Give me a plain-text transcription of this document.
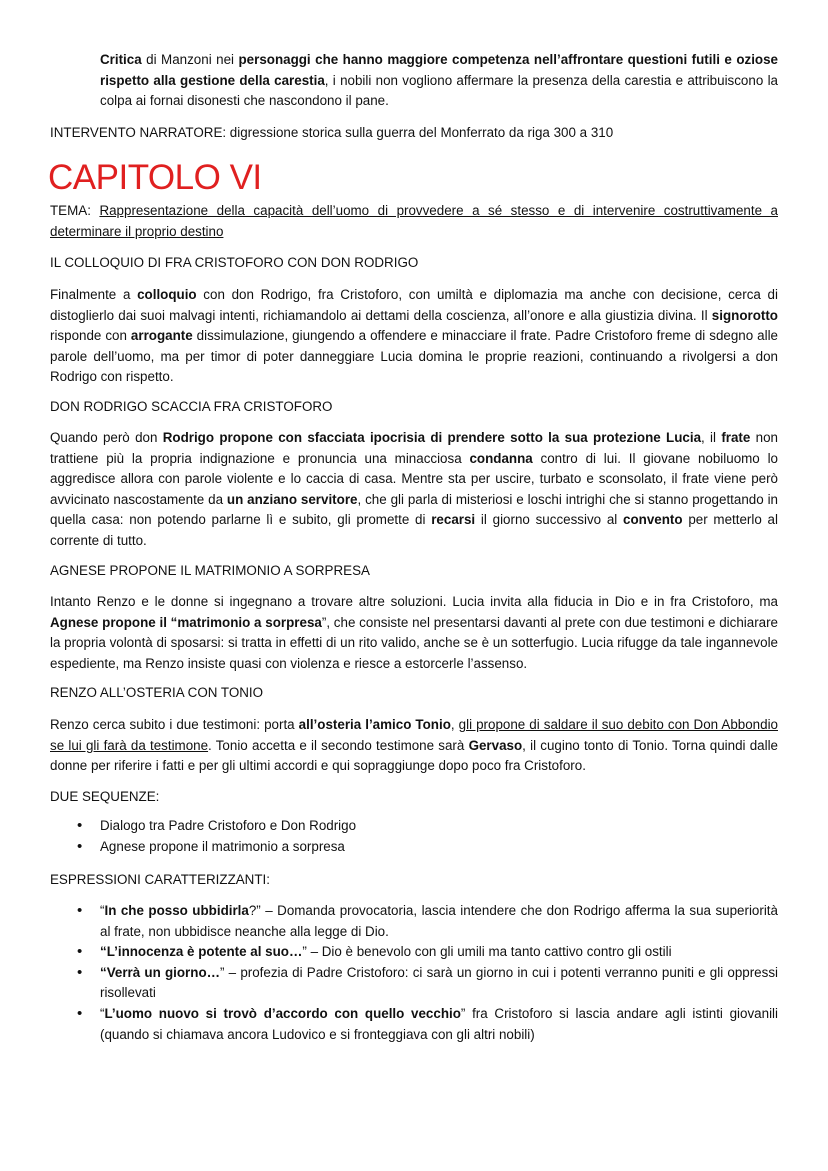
Critica di Manzoni nei personaggi che hanno maggiore competenza nell’affrontare questioni futili e oziose rispetto alla gestione della carestia, i nobili non vogliono affermare la presenza della carestia e attribuiscono la colpa ai fornai disonesti che nascondono il pane.

INTERVENTO NARRATORE: digressione storica sulla guerra del Monferrato da riga 300 a 310

CAPITOLO VI

TEMA: Rappresentazione della capacità dell’uomo di provvedere a sé stesso e di intervenire costruttivamente a determinare il proprio destino

IL COLLOQUIO DI FRA CRISTOFORO CON DON RODRIGO

Finalmente a colloquio con don Rodrigo, fra Cristoforo, con umiltà e diplomazia ma anche con decisione, cerca di distoglierlo dai suoi malvagi intenti, richiamandolo ai dettami della coscienza, all’onore e alla giustizia divina. Il signorotto risponde con arrogante dissimulazione, giungendo a offendere e minacciare il frate. Padre Cristoforo freme di sdegno alle parole dell’uomo, ma per timor di poter danneggiare Lucia domina le proprie reazioni, continuando a rivolgersi a don Rodrigo con rispetto.

DON RODRIGO SCACCIA FRA CRISTOFORO

Quando però don Rodrigo propone con sfacciata ipocrisia di prendere sotto la sua protezione Lucia, il frate non trattiene più la propria indignazione e pronuncia una minacciosa condanna contro di lui. Il giovane nobiluomo lo aggredisce allora con parole violente e lo caccia di casa. Mentre sta per uscire, turbato e sconsolato, il frate viene però avvicinato nascostamente da un anziano servitore, che gli parla di misteriosi e loschi intrighi che si stanno progettando in quella casa: non potendo parlarne lì e subito, gli promette di recarsi il giorno successivo al convento per metterlo al corrente di tutto.

AGNESE PROPONE IL MATRIMONIO A SORPRESA

Intanto Renzo e le donne si ingegnano a trovare altre soluzioni. Lucia invita alla fiducia in Dio e in fra Cristoforo, ma Agnese propone il “matrimonio a sorpresa”, che consiste nel presentarsi davanti al prete con due testimoni e dichiarare la propria volontà di sposarsi: si tratta in effetti di un rito valido, anche se è un sotterfugio. Lucia rifugge da tale ingannevole espediente, ma Renzo insiste quasi con violenza e riesce a estorcerle l’assenso.

RENZO ALL’OSTERIA CON TONIO

Renzo cerca subito i due testimoni: porta all’osteria l’amico Tonio, gli propone di saldare il suo debito con Don Abbondio se lui gli farà da testimone. Tonio accetta e il secondo testimone sarà Gervaso, il cugino tonto di Tonio. Torna quindi dalle donne per riferire i fatti e per gli ultimi accordi e qui sopraggiunge dopo poco fra Cristoforo.

DUE SEQUENZE:

• Dialogo tra Padre Cristoforo e Don Rodrigo
• Agnese propone il matrimonio a sorpresa

ESPRESSIONI CARATTERIZZANTI:

• “In che posso ubbidirla?” – Domanda provocatoria, lascia intendere che don Rodrigo afferma la sua superiorità al frate, non ubbidisce neanche alla legge di Dio.
• “L’innocenza è potente al suo…” – Dio è benevolo con gli umili ma tanto cattivo contro gli ostili
• “Verrà un giorno…” – profezia di Padre Cristoforo: ci sarà un giorno in cui i potenti verranno puniti e gli oppressi risollevati
• “L’uomo nuovo si trovò d’accordo con quello vecchio” fra Cristoforo si lascia andare agli istinti giovanili (quando si chiamava ancora Ludovico e si fronteggiava con gli altri nobili)
